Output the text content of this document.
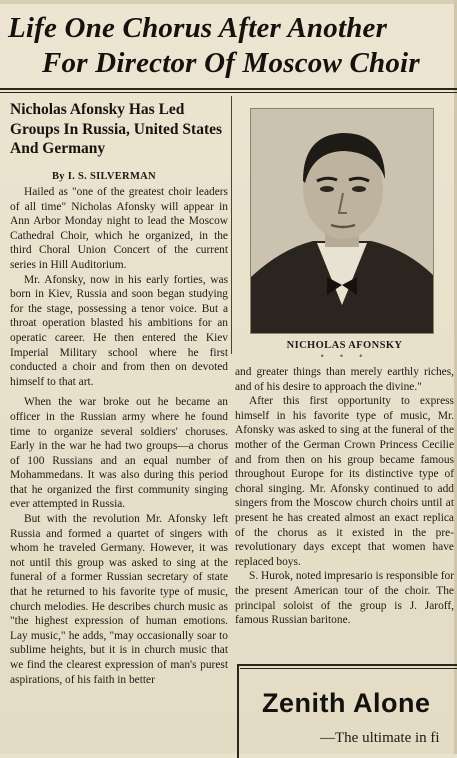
Life One Chorus After Another
For Director Of Moscow Choir
Nicholas Afonsky Has Led Groups In Russia, United States And Germany
By I. S. SILVERMAN

Hailed as "one of the greatest choir leaders of all time" Nicholas Afonsky will appear in Ann Arbor Monday night to lead the Moscow Cathedral Choir, which he organized, in the third Choral Union Concert of the current series in Hill Auditorium.

Mr. Afonsky, now in his early forties, was born in Kiev, Russia and soon began studying for the stage, possessing a tenor voice. But a throat operation blasted his ambitions for an operatic career. He then entered the Kiev Imperial Military school where he first conducted a choir and from then on devoted himself to that art.

When the war broke out he became an officer in the Russian army where he found time to organize several soldiers' choruses. Early in the war he had two groups—a chorus of 100 Russians and an equal number of Mohammedans. It was also during this period that he organized the first community singing ever attempted in Russia.

But with the revolution Mr. Afonsky left Russia and formed a quartet of singers with whom he traveled Germany. However, it was not until this group was asked to sing at the funeral of a former Russian secretary of state that he returned to his favorite type of music, church melodies. He describes church music as "the highest expression of human emotions. Lay music," he adds, "may occasionally soar to sublime heights, but it is in church music that we find the clearest expression of man's purest aspirations, of his faith in better

NICHOLAS AFONSKY
• • •

and greater things than merely earthly riches, and of his desire to approach the divine."

After this first opportunity to express himself in his favorite type of music, Mr. Afonsky was asked to sing at the funeral of the mother of the German Crown Princess Cecilie and from then on his group became famous throughout Europe for its distinctive type of choral singing. Mr. Afonsky continued to add singers from the Moscow church choirs until at present he has created almost an exact replica of the chorus as it existed in the pre-revolutionary days except that women have replaced boys.

S. Hurok, noted impresario is responsible for the present American tour of the choir. The principal soloist of the group is J. Jaroff, famous Russian baritone.

Zenith Alone
—The ultimate in fi
